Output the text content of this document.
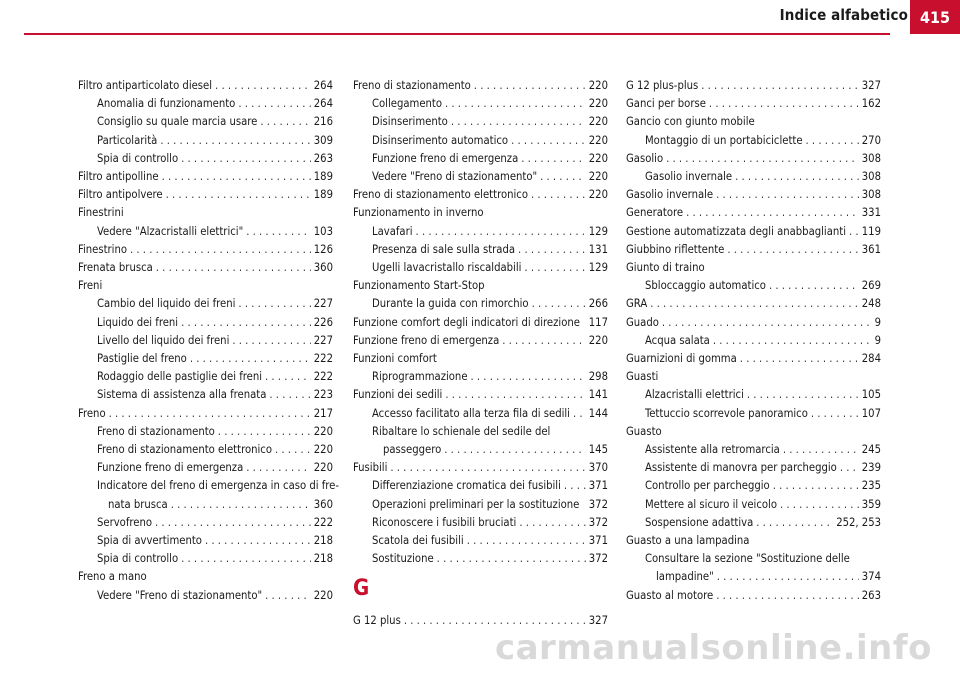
Indice alfabetico 415
Filtro antiparticolato diesel . . .	264
Anomalia di funzionamento . . .	264
Consiglio su quale marcia usare . . .	216
Particolarità . . .	309
Spia di controllo . . .	263
Filtro antipolline . . .	189
Filtro antipolvere . . .	189
Finestrini
Vedere "Alzacristalli elettrici" . . .	103
Finestrino . . .	126
Frenata brusca . . .	360
Freni
Cambio del liquido dei freni . . .	227
Liquido dei freni . . .	226
Livello del liquido dei freni . . .	227
Pastiglie del freno . . .	222
Rodaggio delle pastiglie dei freni . . .	222
Sistema di assistenza alla frenata . . .	223
Freno . . .	217
Freno di stazionamento . . .	220
Freno di stazionamento elettronico . . .	220
Funzione freno di emergenza . . .	220
Indicatore del freno di emergenza in caso di fre-
nata brusca . . .	360
Servofreno . . .	222
Spia di avvertimento . . .	218
Spia di controllo . . .	218
Freno a mano
Vedere "Freno di stazionamento" . . .	220
Freno di stazionamento . . .	220
Collegamento . . .	220
Disinserimento . . .	220
Disinserimento automatico . . .	220
Funzione freno di emergenza . . .	220
Vedere "Freno di stazionamento" . . .	220
Freno di stazionamento elettronico . . .	220
Funzionamento in inverno
Lavafari . . .	129
Presenza di sale sulla strada . . .	131
Ugelli lavacristallo riscaldabili . . .	129
Funzionamento Start-Stop
Durante la guida con rimorchio . . .	266
Funzione comfort degli indicatori di direzione 117
Funzione freno di emergenza . . .	220
Funzioni comfort
Riprogrammazione . . .	298
Funzioni dei sedili . . .	141
Accesso facilitato alla terza fila di sedili . . . 144
Ribaltare lo schienale del sedile del
passeggero . . .	145
Fusibili . . .	370
Differenziazione cromatica dei fusibili . . . 371
Operazioni preliminari per la sostituzione 372
Riconoscere i fusibili bruciati . . .	372
Scatola dei fusibili . . .	371
Sostituzione . . .	372
G
G 12 plus . . .	327
G 12 plus-plus . . .	327
Ganci per borse . . .	162
Gancio con giunto mobile
Montaggio di un portabiciclette . . .	270
Gasolio . . .	308
Gasolio invernale . . .	308
Gasolio invernale . . .	308
Generatore . . .	331
Gestione automatizzata degli anabbaglianti . . . 119
Giubbino riflettente . . .	361
Giunto di traino
Sbloccaggio automatico . . .	269
GRA . . .	248
Guado . . .	9
Acqua salata . . .	9
Guarnizioni di gomma . . .	284
Guasti
Alzacristalli elettrici . . .	105
Tettuccio scorrevole panoramico . . .	107
Guasto
Assistente alla retromarcia . . .	245
Assistente di manovra per parcheggio . . . 239
Controllo per parcheggio . . .	235
Mettere al sicuro il veicolo . . .	359
Sospensione adattiva . . .	252, 253
Guasto a una lampadina
Consultare la sezione "Sostituzione delle
lampadine" . . .	374
Guasto al motore . . .	263
carmanualsonline.info
